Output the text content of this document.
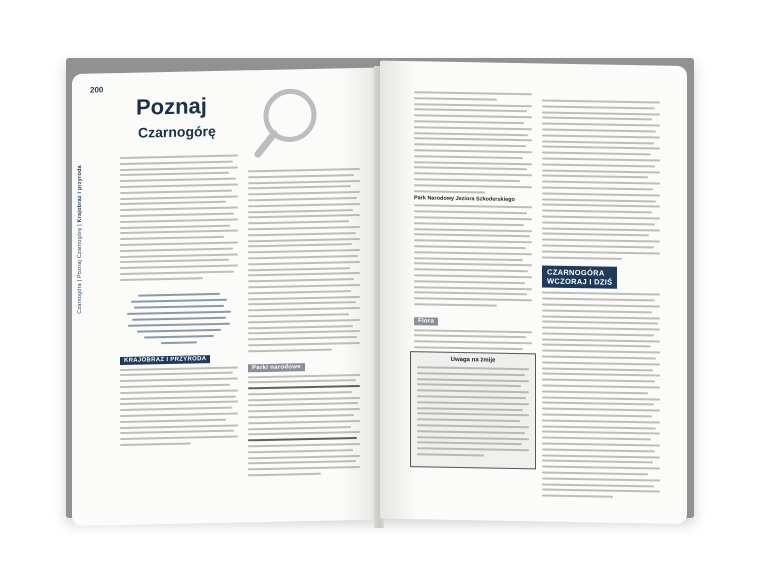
200
Czarnogóra | Poznaj Czarnogórę | Krajobraz i przyroda
Poznaj
Czarnogórę
KRAJOBRAZ I PRZYRODA
Parki narodowe
Park Narodowy Jeziora Szkoderskiego
Flora
Uwaga na żmije
CZARNOGÓRA
WCZORAJ I DZIŚ
